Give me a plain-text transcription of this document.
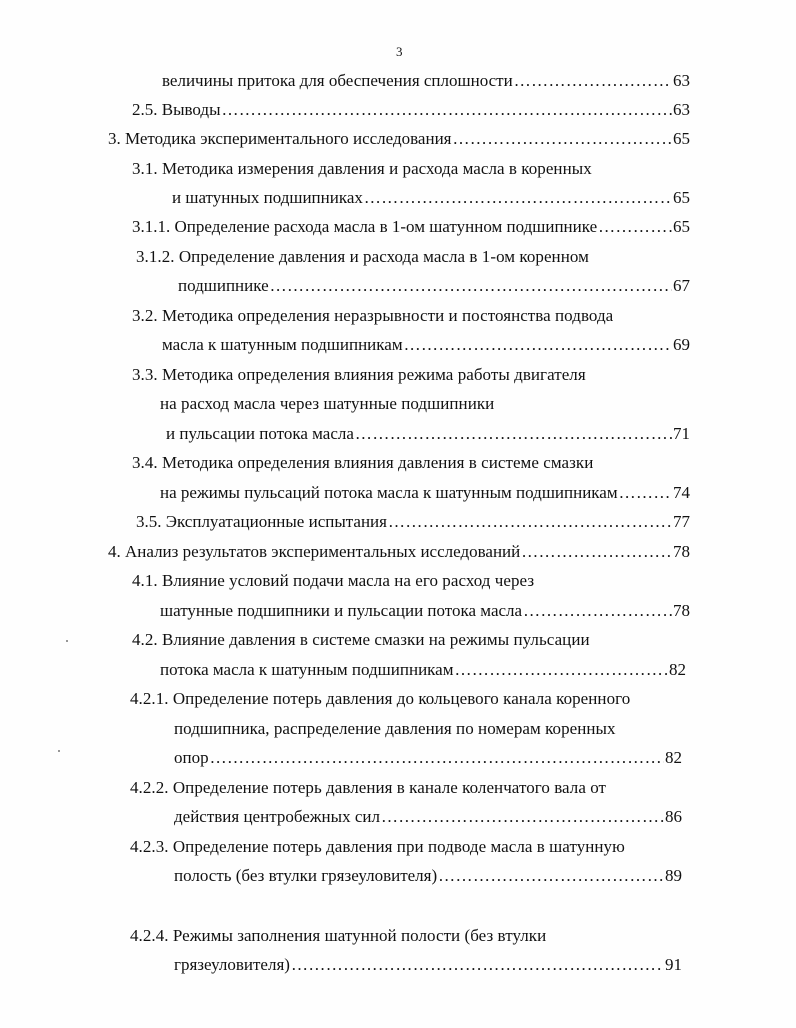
3
величины притока для обеспечения сплошности ……………………………………………………………………………………………………………………………………………………………………………………………………	63
2.5. Выводы ……………………………………………………………………………………………………………………………………………………………………………………………………	63
3. Методика экспериментального исследования ……………………………………………………………………………………………………………………………………………………………………………………………………	65
3.1. Методика измерения давления и расхода масла в коренных
и шатунных подшипниках ……………………………………………………………………………………………………………………………………………………………………………………………………	65
3.1.1. Определение расхода масла в 1-ом шатунном подшипнике ……………………………………………………………………………………………………………………………………………………………………………………………………	65
3.1.2. Определение давления и расхода масла в 1-ом коренном
подшипнике ……………………………………………………………………………………………………………………………………………………………………………………………………	67
3.2. Методика определения неразрывности и постоянства подвода
масла к шатунным подшипникам ……………………………………………………………………………………………………………………………………………………………………………………………………	69
3.3. Методика определения влияния режима работы двигателя
на расход масла через шатунные подшипники
и пульсации потока масла ……………………………………………………………………………………………………………………………………………………………………………………………………	71
3.4. Методика определения влияния давления в системе смазки
на режимы пульсаций потока масла к шатунным подшипникам ……………………………………………………………………………………………………………………………………………………………………………………………………	74
3.5. Эксплуатационные испытания ……………………………………………………………………………………………………………………………………………………………………………………………………	77
4. Анализ результатов экспериментальных исследований ……………………………………………………………………………………………………………………………………………………………………………………………………	78
4.1. Влияние условий подачи масла на его расход через
шатунные подшипники и пульсации потока масла ……………………………………………………………………………………………………………………………………………………………………………………………………	78
4.2. Влияние давления в системе смазки на режимы пульсации
потока масла к шатунным подшипникам ……………………………………………………………………………………………………………………………………………………………………………………………………	82
4.2.1. Определение потерь давления до кольцевого канала коренного
подшипника, распределение давления по номерам коренных
опор ……………………………………………………………………………………………………………………………………………………………………………………………………	82
4.2.2. Определение потерь давления в канале коленчатого вала от
действия центробежных сил ……………………………………………………………………………………………………………………………………………………………………………………………………	86
4.2.3. Определение потерь давления при подводе масла в шатунную
полость (без втулки грязеуловителя) ……………………………………………………………………………………………………………………………………………………………………………………………………	89
4.2.4. Режимы заполнения шатунной полости (без втулки
грязеуловителя) ……………………………………………………………………………………………………………………………………………………………………………………………………	91
